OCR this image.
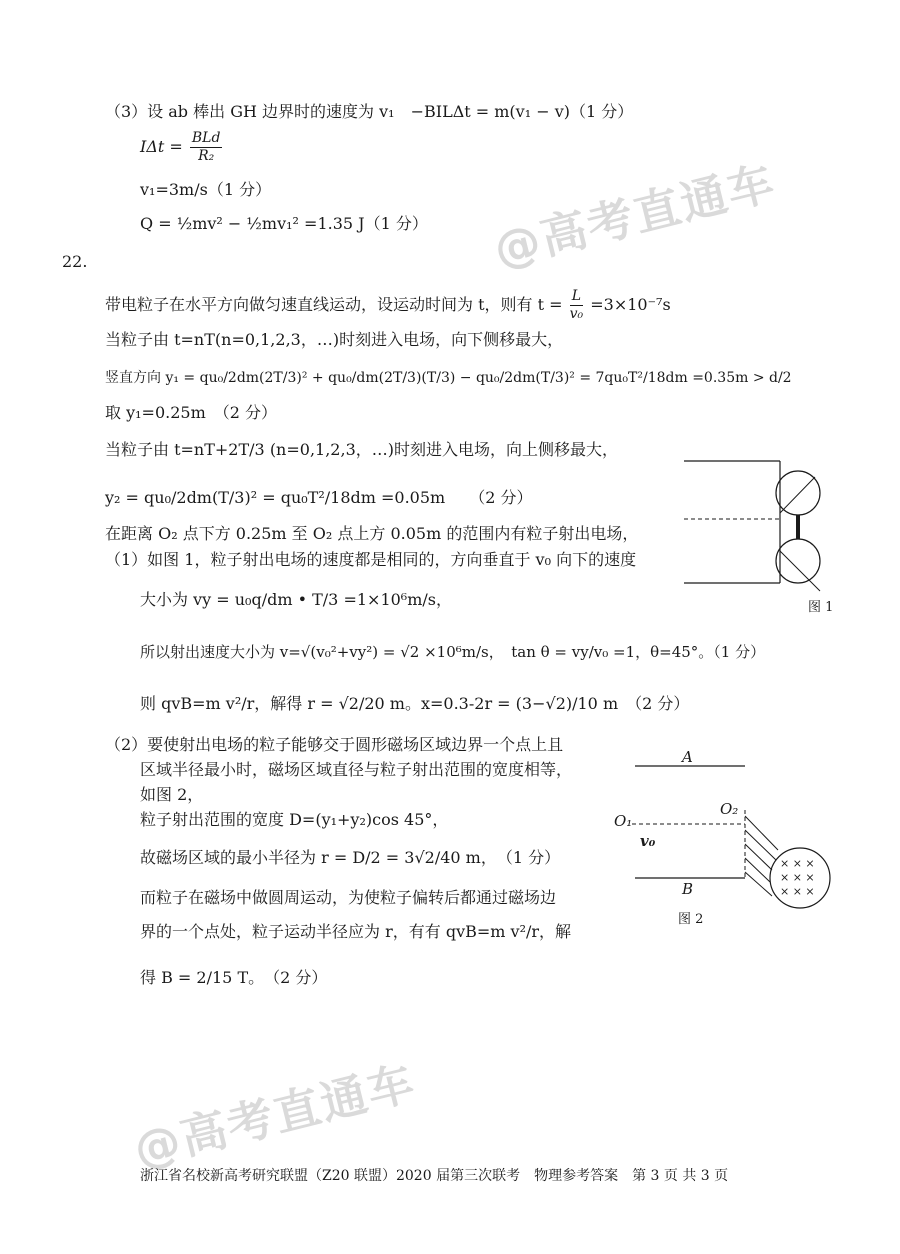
@高考直通车
@高考直通车
（3）设 ab 棒出 GH 边界时的速度为 v₁　−BILΔt = m(v₁ − v)（1 分）
$I\Delta t = \frac{\text{BLd}}{\text{R₂}}$
v₁=3m/s（1 分）
Q = ½mv² − ½mv₁² =1.35 J（1 分）
22.
带电粒子在水平方向做匀速直线运动，设运动时间为 t，则有 $t = \frac{L}{\text{v₀}} =3\times 10^{-7}s$
当粒子由 t=nT(n=0,1,2,3，…)时刻进入电场，向下侧移最大，
竖直方向 y₁ = qu₀/2dm(2T/3)² + qu₀/dm(2T/3)(T/3) − qu₀/2dm(T/3)² = 7qu₀T²/18dm =0.35m > d/2
取 y₁=0.25m　（2 分）
当粒子由 t=nT+2T/3 (n=0,1,2,3，…)时刻进入电场，向上侧移最大，
y₂ = qu₀/2dm(T/3)² = qu₀T²/18dm =0.05m　　（2 分）
在距离 O₂ 点下方 0.25m 至 O₂ 点上方 0.05m 的范围内有粒子射出电场，
（1）如图 1，粒子射出电场的速度都是相同的，方向垂直于 v₀ 向下的速度
大小为 vy = u₀q/dm • T/3 =1×10⁶m/s，
所以射出速度大小为 v=√(v₀²+vy²) = √2 ×10⁶m/s，　tan θ = vy/v₀ =1，θ=45°。（1 分）
则 qvB=m v²/r，解得 r = √2/20 m。x=0.3-2r = (3−√2)/10 m　（2 分）
（2）要使射出电场的粒子能够交于圆形磁场区域边界一个点上且
区域半径最小时，磁场区域直径与粒子射出范围的宽度相等，
如图 2，
粒子射出范围的宽度 D=(y₁+y₂)cos 45°，
故磁场区域的最小半径为 r = D/2 = 3√2/40 m，　（1 分）
而粒子在磁场中做圆周运动，为使粒子偏转后都通过磁场边
界的一个点处，粒子运动半径应为 r，有有 qvB=m v²/r，解
得 B = 2/15 T。　（2 分）
图 1
A
O₂
O₁
v₀
B
× × ×
× × ×
× × ×
图 2
浙江省名校新高考研究联盟（Z20 联盟）2020 届第三次联考　物理参考答案　第 3 页 共 3 页
